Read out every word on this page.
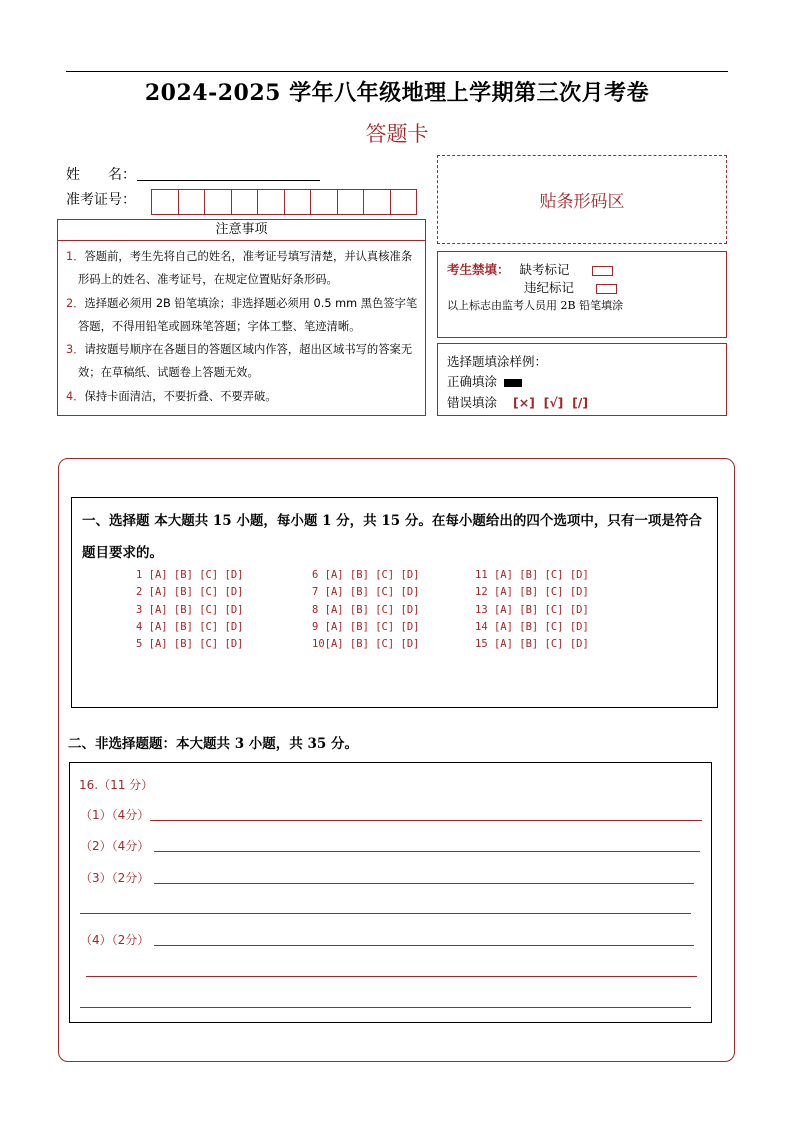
2024-2025 学年八年级地理上学期第三次月考卷
答题卡
姓　　名：
准考证号：	贴条形码区
注意事项

1．答题前，考生先将自己的姓名，准考证号填写清楚，并认真核准条形码上的姓名、准考证号，在规定位置贴好条形码。

2．选择题必须用 2B 铅笔填涂；非选择题必须用 0.5 mm 黑色签字笔答题，不得用铅笔或圆珠笔答题；字体工整、笔迹清晰。

3．请按题号顺序在各题目的答题区域内作答，超出区域书写的答案无效；在草稿纸、试题卷上答题无效。

4．保持卡面清洁，不要折叠、不要弄破。

考生禁填： 缺考标记
违纪标记
以上标志由监考人员用 2B 铅笔填涂
选择题填涂样例：
正确填涂
错误填涂 [×]  [√]  [/]
一、选择题 本大题共 15 小题，每小题 1 分，共 15 分。在每小题给出的四个选项中，只有一项是符合题目要求的。
1 [A] [B] [C] [D]
2 [A] [B] [C] [D]
3 [A] [B] [C] [D]
4 [A] [B] [C] [D]
5 [A] [B] [C] [D]
6 [A] [B] [C] [D]
7 [A] [B] [C] [D]
8 [A] [B] [C] [D]
9 [A] [B] [C] [D]
10[A] [B] [C] [D]
11 [A] [B] [C] [D]
12 [A] [B] [C] [D]
13 [A] [B] [C] [D]
14 [A] [B] [C] [D]
15 [A] [B] [C] [D]
二、非选择题题：本大题共 3 小题，共 35 分。
16.（11 分）
（1）（4分）
（2）（4分）
（3）（2分）
（4）（2分）
